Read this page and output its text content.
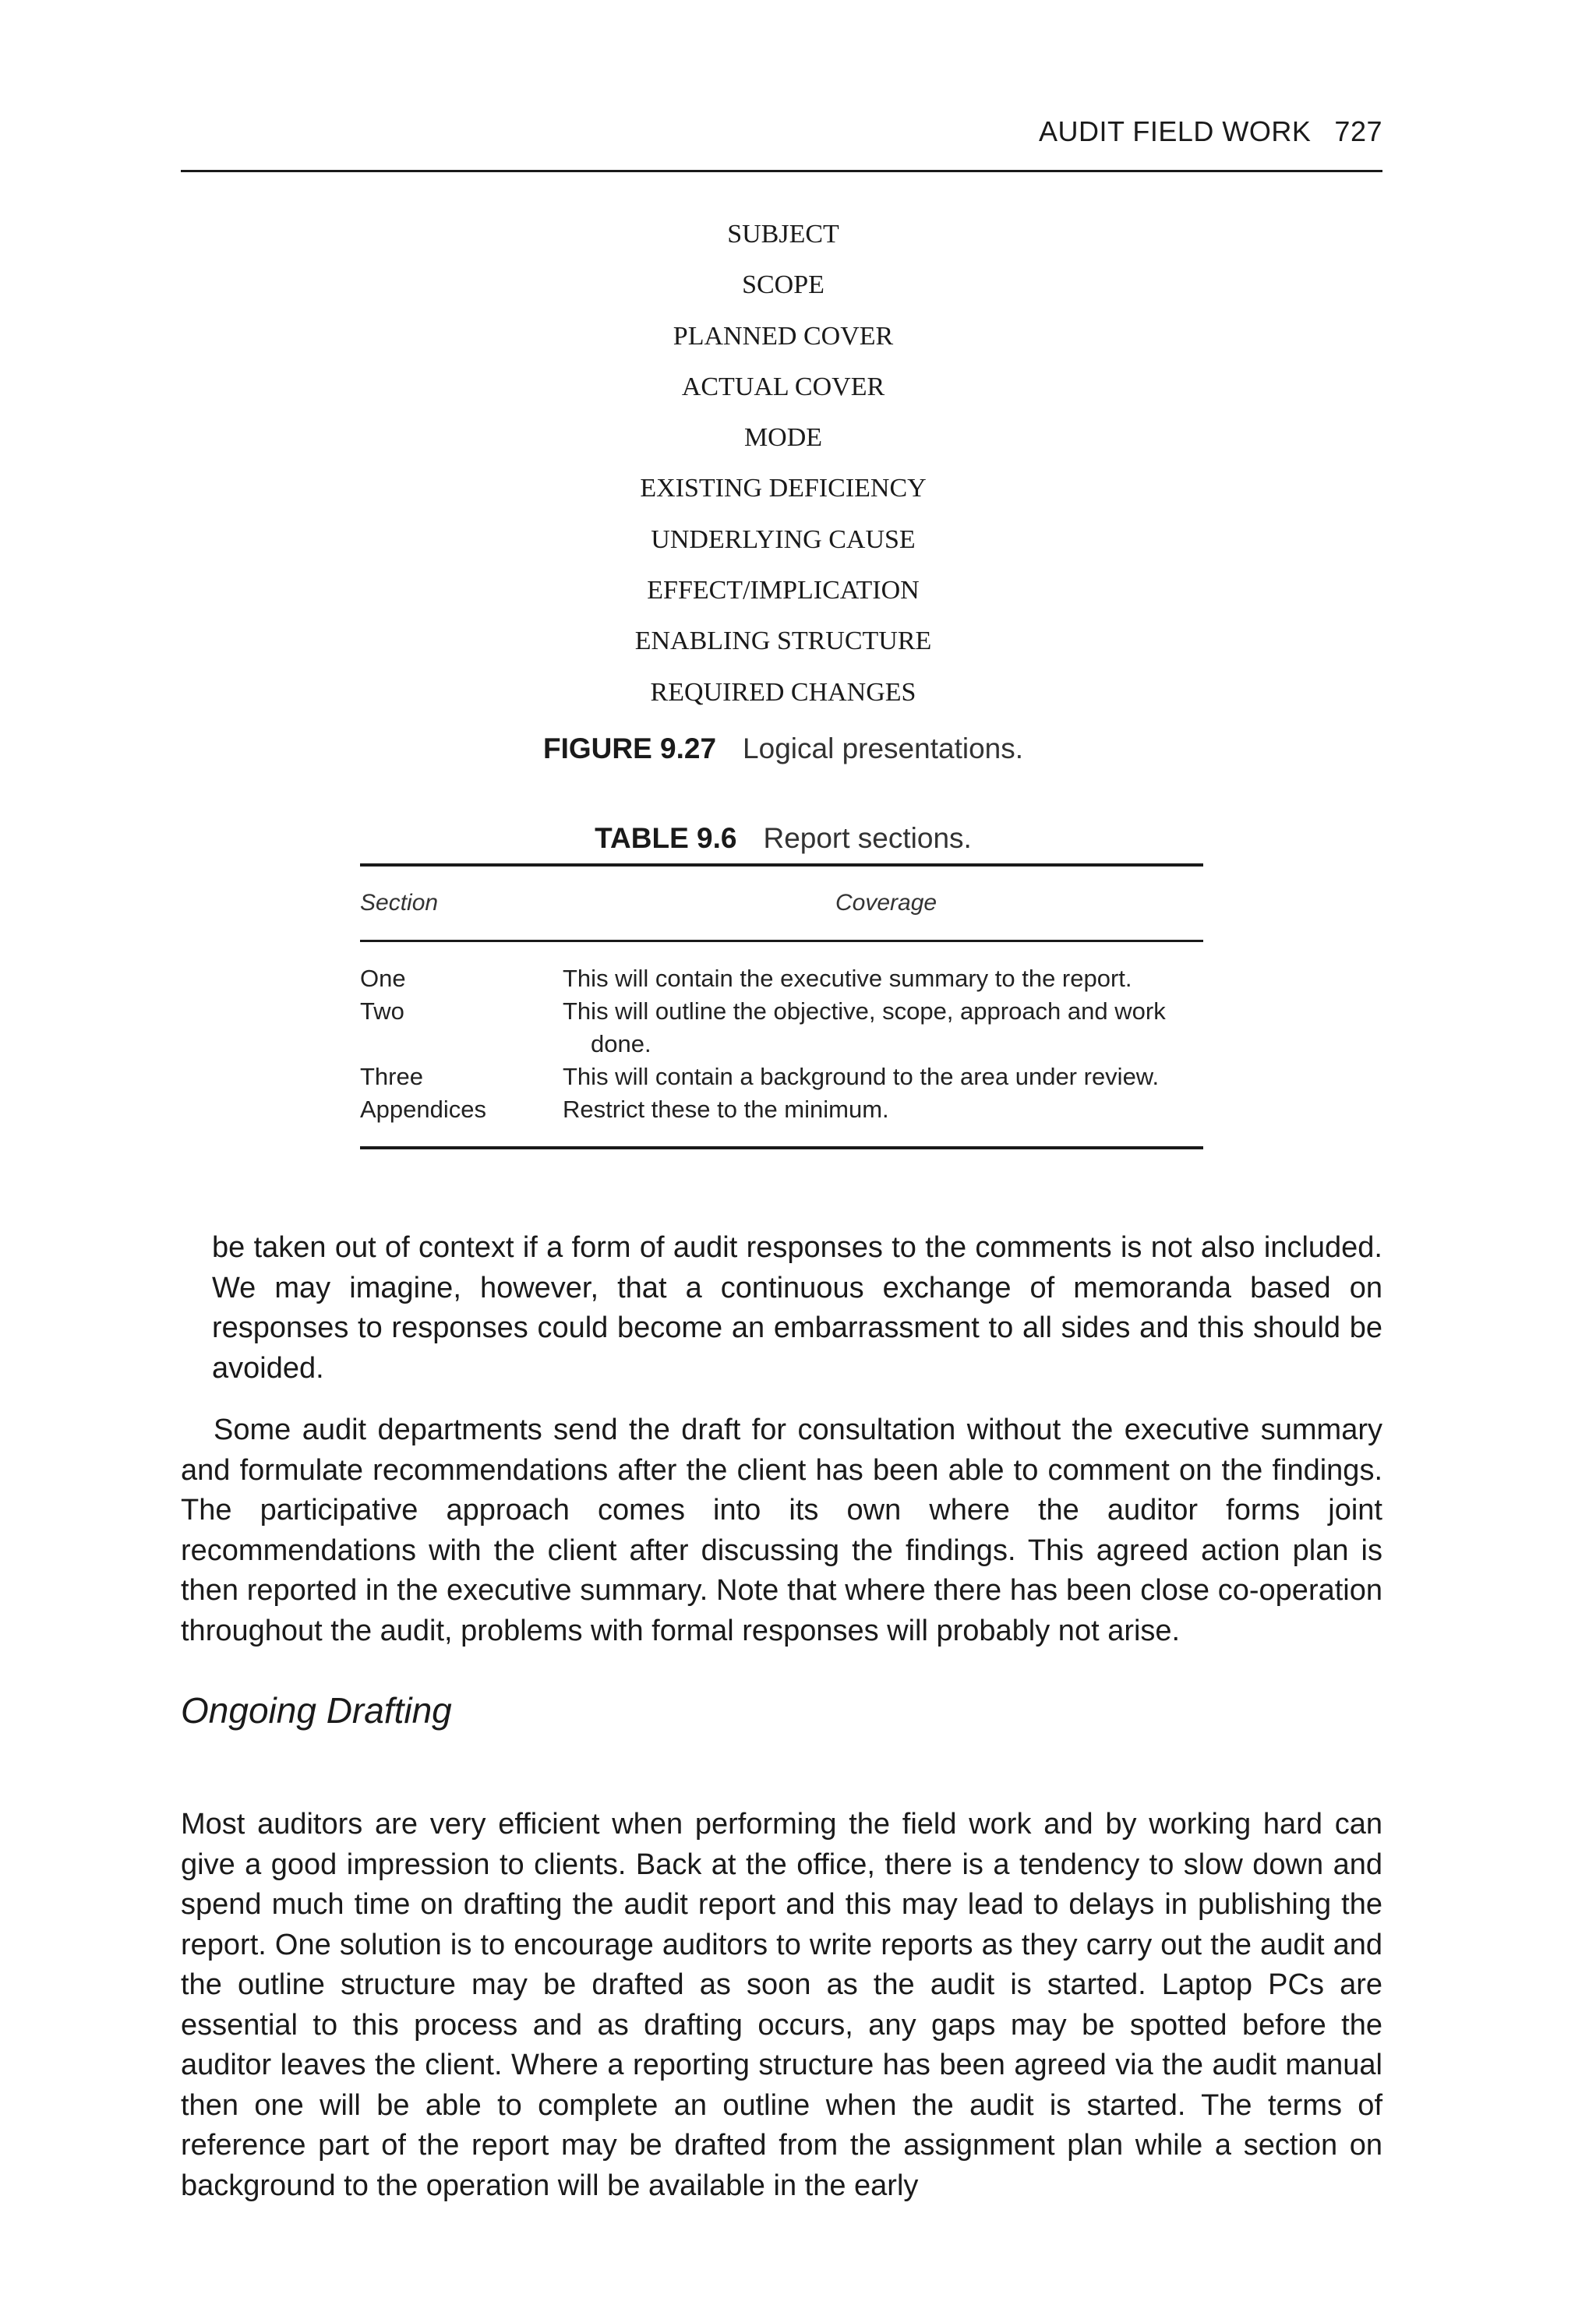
AUDIT FIELD WORK 727
SUBJECT
SCOPE
PLANNED COVER
ACTUAL COVER
MODE
EXISTING DEFICIENCY
UNDERLYING CAUSE
EFFECT/IMPLICATION
ENABLING STRUCTURE
REQUIRED CHANGES
FIGURE 9.27 Logical presentations.
TABLE 9.6 Report sections.
Section	Coverage
One	This will contain the executive summary to the report.
Two	This will outline the objective, scope, approach and work
done.
Three	This will contain a background to the area under review.
Appendices	Restrict these to the minimum.

be taken out of context if a form of audit responses to the comments is not also included. We may imagine, however, that a continuous exchange of memoranda based on responses to responses could become an embarrassment to all sides and this should be avoided.

Some audit departments send the draft for consultation without the executive summary and formulate recommendations after the client has been able to comment on the findings. The participative approach comes into its own where the auditor forms joint recommendations with the client after discussing the findings. This agreed action plan is then reported in the executive summary. Note that where there has been close co-operation throughout the audit, problems with formal responses will probably not arise.

Ongoing Drafting

Most auditors are very efficient when performing the field work and by working hard can give a good impression to clients. Back at the office, there is a tendency to slow down and spend much time on drafting the audit report and this may lead to delays in publishing the report. One solution is to encourage auditors to write reports as they carry out the audit and the outline structure may be drafted as soon as the audit is started. Laptop PCs are essential to this process and as drafting occurs, any gaps may be spotted before the auditor leaves the client. Where a reporting structure has been agreed via the audit manual then one will be able to complete an outline when the audit is started. The terms of reference part of the report may be drafted from the assignment plan while a section on background to the operation will be available in the early
